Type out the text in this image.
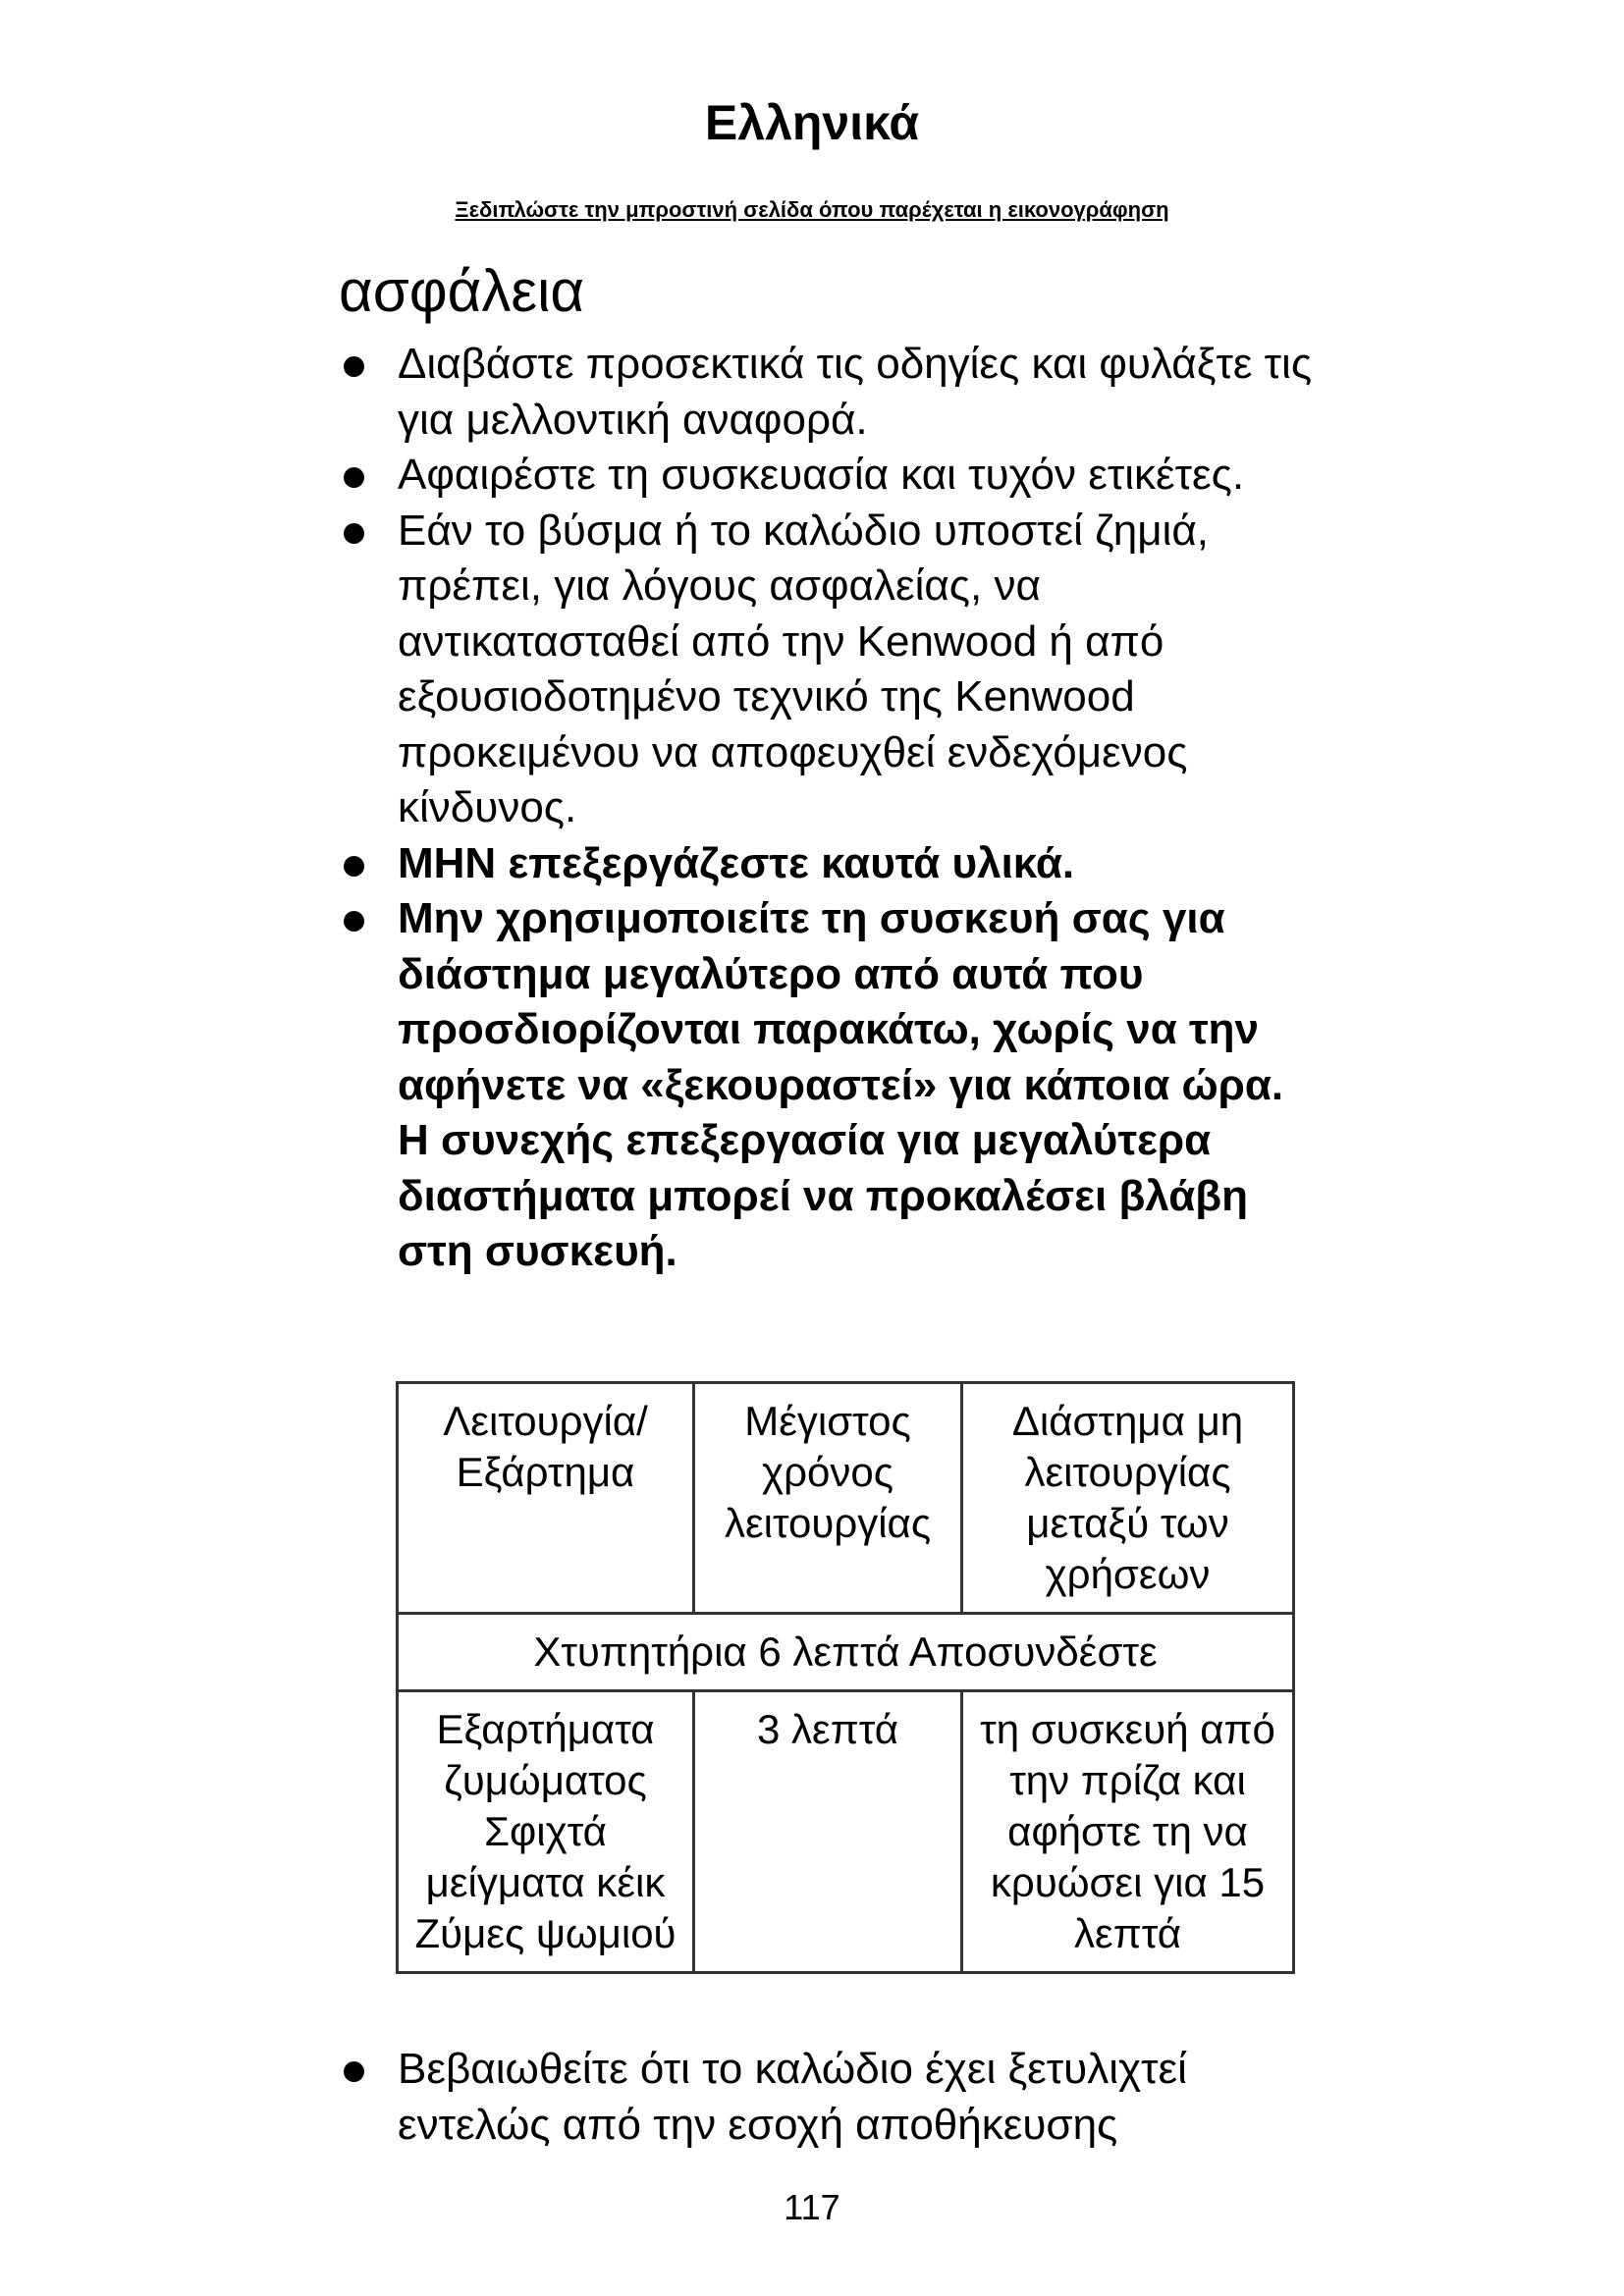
Ελληνικά
Ξεδιπλώστε την μπροστινή σελίδα όπου παρέχεται η εικονογράφηση
ασφάλεια
Διαβάστε προσεκτικά τις οδηγίες και φυλάξτε τις για μελλοντική αναφορά.
Αφαιρέστε τη συσκευασία και τυχόν ετικέτες.
Εάν το βύσμα ή το καλώδιο υποστεί ζημιά, πρέπει, για λόγους ασφαλείας, να αντικατασταθεί από την Kenwood ή από εξουσιοδοτημένο τεχνικό της Kenwood προκειμένου να αποφευχθεί ενδεχόμενος κίνδυνος.
ΜΗΝ επεξεργάζεστε καυτά υλικά.
Μην χρησιμοποιείτε τη συσκευή σας για διάστημα μεγαλύτερο από αυτά που προσδιορίζονται παρακάτω, χωρίς να την αφήνετε να «ξεκουραστεί» για κάποια ώρα. Η συνεχής επεξεργασία για μεγαλύτερα διαστήματα μπορεί να προκαλέσει βλάβη στη συσκευή.
Λειτουργία/ Εξάρτημα	Μέγιστος χρόνος λειτουργίας	Διάστημα μη λειτουργίας μεταξύ των χρήσεων
Χτυπητήρια 6 λεπτά Αποσυνδέστε		
Εξαρτήματα ζυμώματος Σφιχτά μείγματα κέικ Ζύμες ψωμιού	3 λεπτά	τη συσκευή από την πρίζα και αφήστε τη να κρυώσει για 15 λεπτά
Βεβαιωθείτε ότι το καλώδιο έχει ξετυλιχτεί εντελώς από την εσοχή αποθήκευσης
117
